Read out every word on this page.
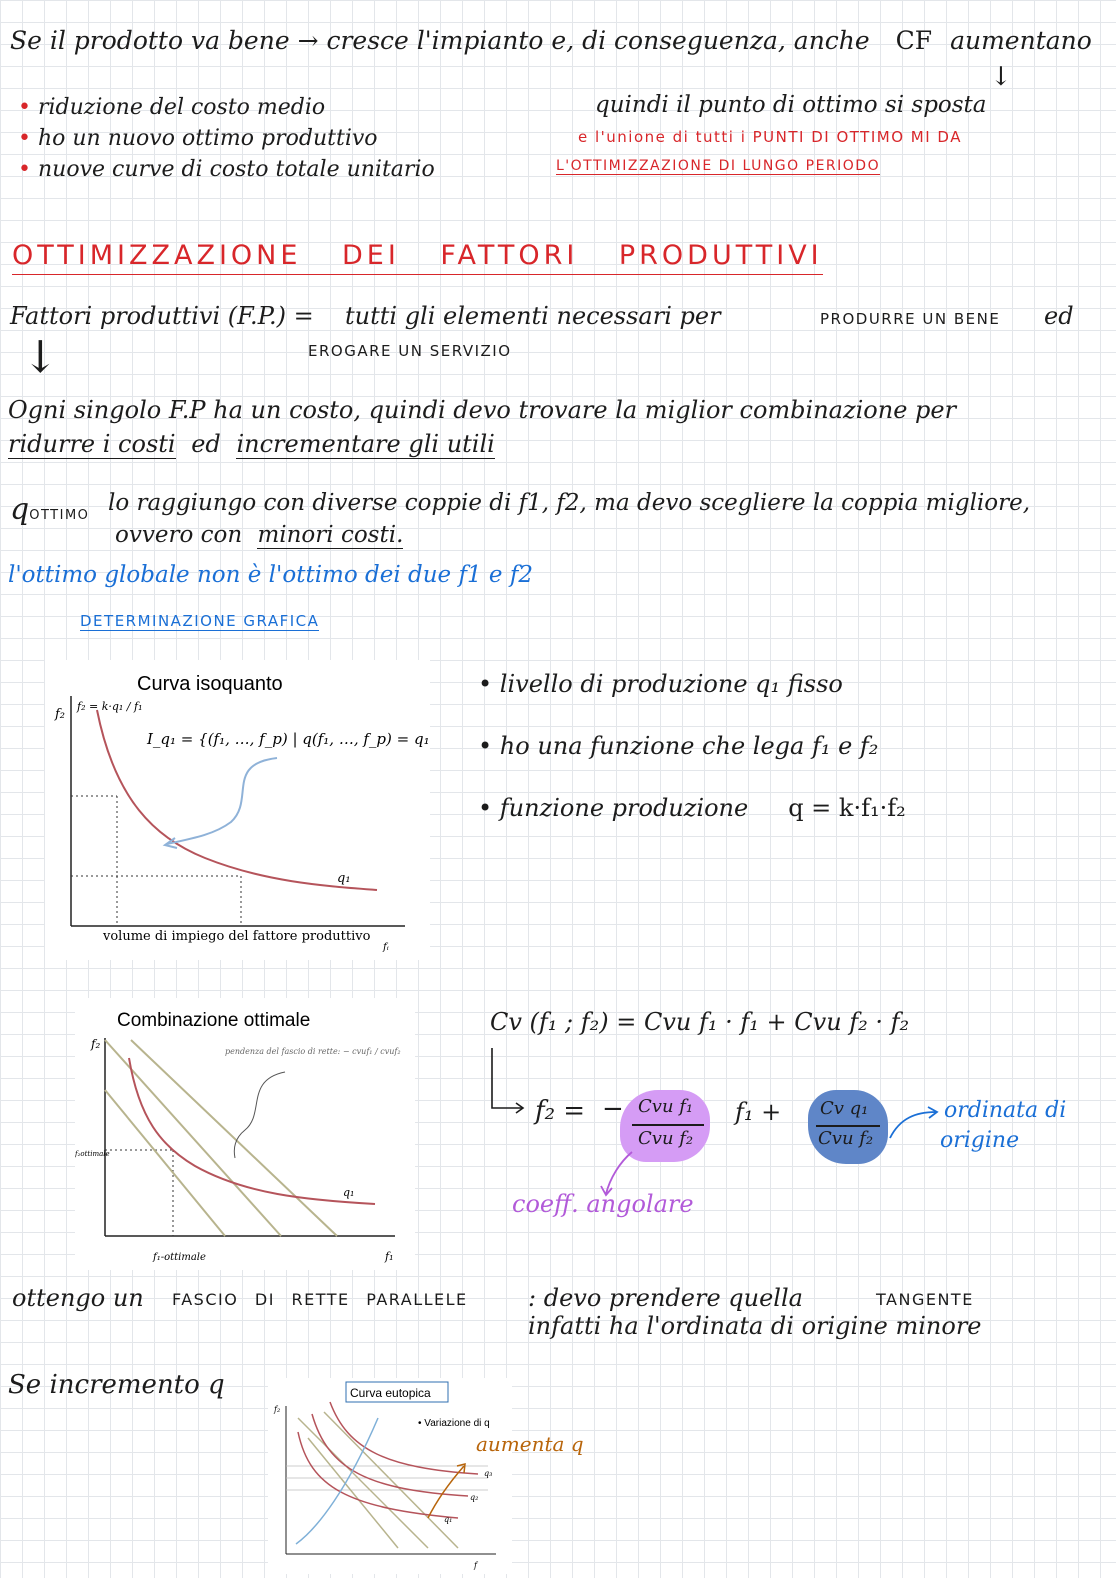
Se il prodotto va bene → cresce l'impianto e, di conseguenza, anche CF aumentano
↓
• riduzione del costo medio
• ho un nuovo ottimo produttivo
• nuove curve di costo totale unitario
quindi il punto di ottimo si sposta
e l'unione di tutti i PUNTI DI OTTIMO MI DA
L'OTTIMIZZAZIONE DI LUNGO PERIODO
OTTIMIZZAZIONE DEI FATTORI PRODUTTIVI
Fattori produttivi (F.P.) = tutti gli elementi necessari per	PRODURRE UN BENE ed
EROGARE UN SERVIZIO
↓
Ogni singolo F.P ha un costo, quindi devo trovare la miglior combinazione per
ridurre i costi ed incrementare gli utili
qOTTIMO lo raggiungo con diverse coppie di f1, f2, ma devo scegliere la coppia migliore,
ovvero con minori costi.
l'ottimo globale non è l'ottimo dei due f1 e f2
DETERMINAZIONE GRAFICA
Curva isoquanto
f₂ = k·q₁ / f₁
I_q₁ = {(f₁, …, f_p) | q(f₁, …, f_p) = q₁}
f₂
q₁
volume di impiego del fattore produttivo
fᵢ
• livello di produzione q₁ fisso
• ho una funzione che lega f₁ e f₂
• funzione produzione q = k·f₁·f₂
Combinazione ottimale
f₂
pendenza del fascio di rette: − cvuf₁ / cvuf₂
f₂ottimale
f₁-ottimale	f₁
q₁
Cv (f₁ ; f₂) = Cvu f₁ · f₁ + Cvu f₂ · f₂
f₂ = − Cvu f₁
Cvu f₂
f₁ + Cv q₁
Cvu f₂
ordinata di
origine
coeff. angolare
ottengo un FASCIO DI RETTE PARALLELE	: devo prendere quella	TANGENTE
infatti ha l'ordinata di origine minore
Se incremento q	Curva eutopica
• Variazione di q
f₂
f
q₃
q₂
q₁
aumenta q
